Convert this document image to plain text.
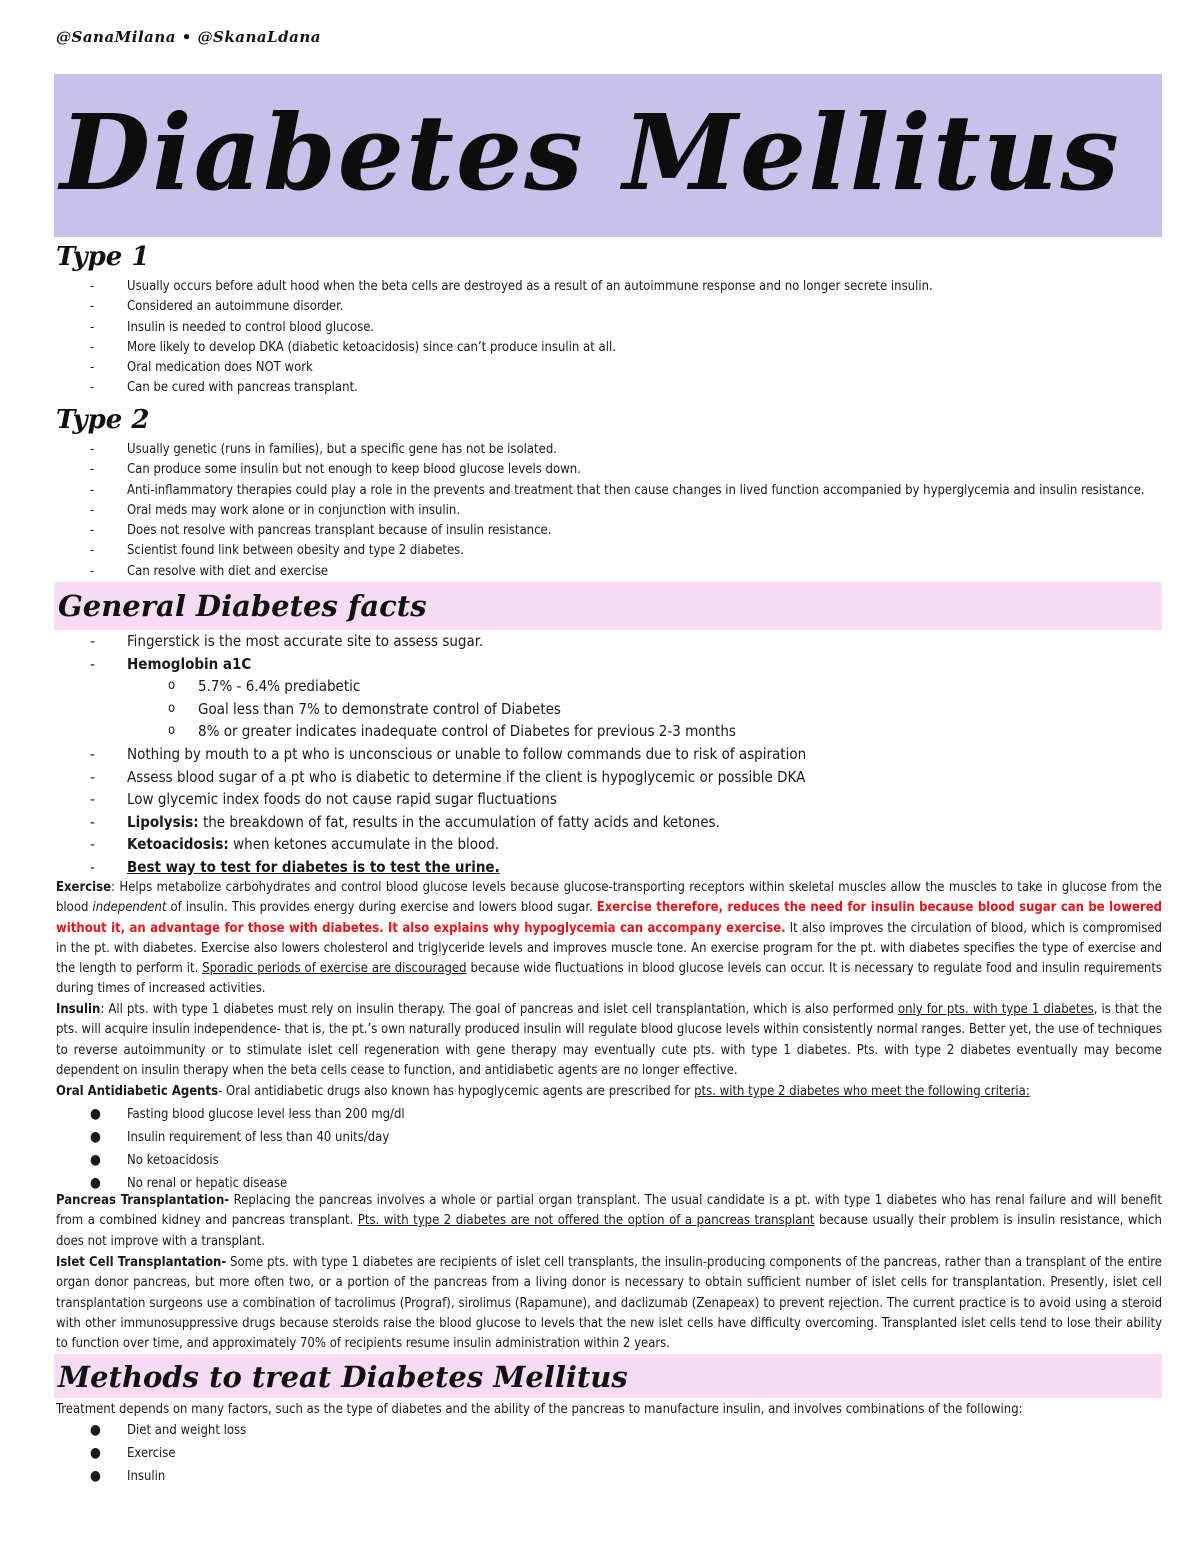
@SanaMilana • @SkanaLdana
Diabetes Mellitus
Type 1
-	Usually occurs before adult hood when the beta cells are destroyed as a result of an autoimmune response and no longer secrete insulin.
-	Considered an autoimmune disorder.
-	Insulin is needed to control blood glucose.
-	More likely to develop DKA (diabetic ketoacidosis) since can’t produce insulin at all.
-	Oral medication does NOT work
-	Can be cured with pancreas transplant.
Type 2
-	Usually genetic (runs in families), but a specific gene has not be isolated.
-	Can produce some insulin but not enough to keep blood glucose levels down.
-	Anti-inflammatory therapies could play a role in the prevents and treatment that then cause changes in lived function accompanied by hyperglycemia and insulin resistance.
-	Oral meds may work alone or in conjunction with insulin.
-	Does not resolve with pancreas transplant because of insulin resistance.
-	Scientist found link between obesity and type 2 diabetes.
-	Can resolve with diet and exercise
General Diabetes facts
- Fingerstick is the most accurate site to assess sugar.
- Hemoglobin a1C
o 5.7% - 6.4% prediabetic
o Goal less than 7% to demonstrate control of Diabetes
o 8% or greater indicates inadequate control of Diabetes for previous 2-3 months
- Nothing by mouth to a pt who is unconscious or unable to follow commands due to risk of aspiration
- Assess blood sugar of a pt who is diabetic to determine if the client is hypoglycemic or possible DKA
- Low glycemic index foods do not cause rapid sugar fluctuations
- Lipolysis: the breakdown of fat, results in the accumulation of fatty acids and ketones.
- Ketoacidosis: when ketones accumulate in the blood.
- Best way to test for diabetes is to test the urine.
Exercise: Helps metabolize carbohydrates and control blood glucose levels because glucose-transporting receptors within skeletal muscles allow the muscles to take in glucose from the blood independent of insulin. This provides energy during exercise and lowers blood sugar. Exercise therefore, reduces the need for insulin because blood sugar can be lowered without it, an advantage for those with diabetes. It also explains why hypoglycemia can accompany exercise. It also improves the circulation of blood, which is compromised in the pt. with diabetes. Exercise also lowers cholesterol and triglyceride levels and improves muscle tone. An exercise program for the pt. with diabetes specifies the type of exercise and the length to perform it. Sporadic periods of exercise are discouraged because wide fluctuations in blood glucose levels can occur. It is necessary to regulate food and insulin requirements during times of increased activities.
Insulin: All pts. with type 1 diabetes must rely on insulin therapy. The goal of pancreas and islet cell transplantation, which is also performed only for pts. with type 1 diabetes, is that the pts. will acquire insulin independence- that is, the pt.’s own naturally produced insulin will regulate blood glucose levels within consistently normal ranges. Better yet, the use of techniques to reverse autoimmunity or to stimulate islet cell regeneration with gene therapy may eventually cute pts. with type 1 diabetes. Pts. with type 2 diabetes eventually may become dependent on insulin therapy when the beta cells cease to function, and antidiabetic agents are no longer effective.
Oral Antidiabetic Agents- Oral antidiabetic drugs also known has hypoglycemic agents are prescribed for pts. with type 2 diabetes who meet the following criteria:
● Fasting blood glucose level less than 200 mg/dl
● Insulin requirement of less than 40 units/day
● No ketoacidosis
● No renal or hepatic disease
Pancreas Transplantation- Replacing the pancreas involves a whole or partial organ transplant. The usual candidate is a pt. with type 1 diabetes who has renal failure and will benefit from a combined kidney and pancreas transplant. Pts. with type 2 diabetes are not offered the option of a pancreas transplant because usually their problem is insulin resistance, which does not improve with a transplant.
Islet Cell Transplantation- Some pts. with type 1 diabetes are recipients of islet cell transplants, the insulin-producing components of the pancreas, rather than a transplant of the entire organ donor pancreas, but more often two, or a portion of the pancreas from a living donor is necessary to obtain sufficient number of islet cells for transplantation. Presently, islet cell transplantation surgeons use a combination of tacrolimus (Prograf), sirolimus (Rapamune), and daclizumab (Zenapeax) to prevent rejection. The current practice is to avoid using a steroid with other immunosuppressive drugs because steroids raise the blood glucose to levels that the new islet cells have difficulty overcoming. Transplanted islet cells tend to lose their ability to function over time, and approximately 70% of recipients resume insulin administration within 2 years.
Methods to treat Diabetes Mellitus
Treatment depends on many factors, such as the type of diabetes and the ability of the pancreas to manufacture insulin, and involves combinations of the following:
● Diet and weight loss
● Exercise
● Insulin
